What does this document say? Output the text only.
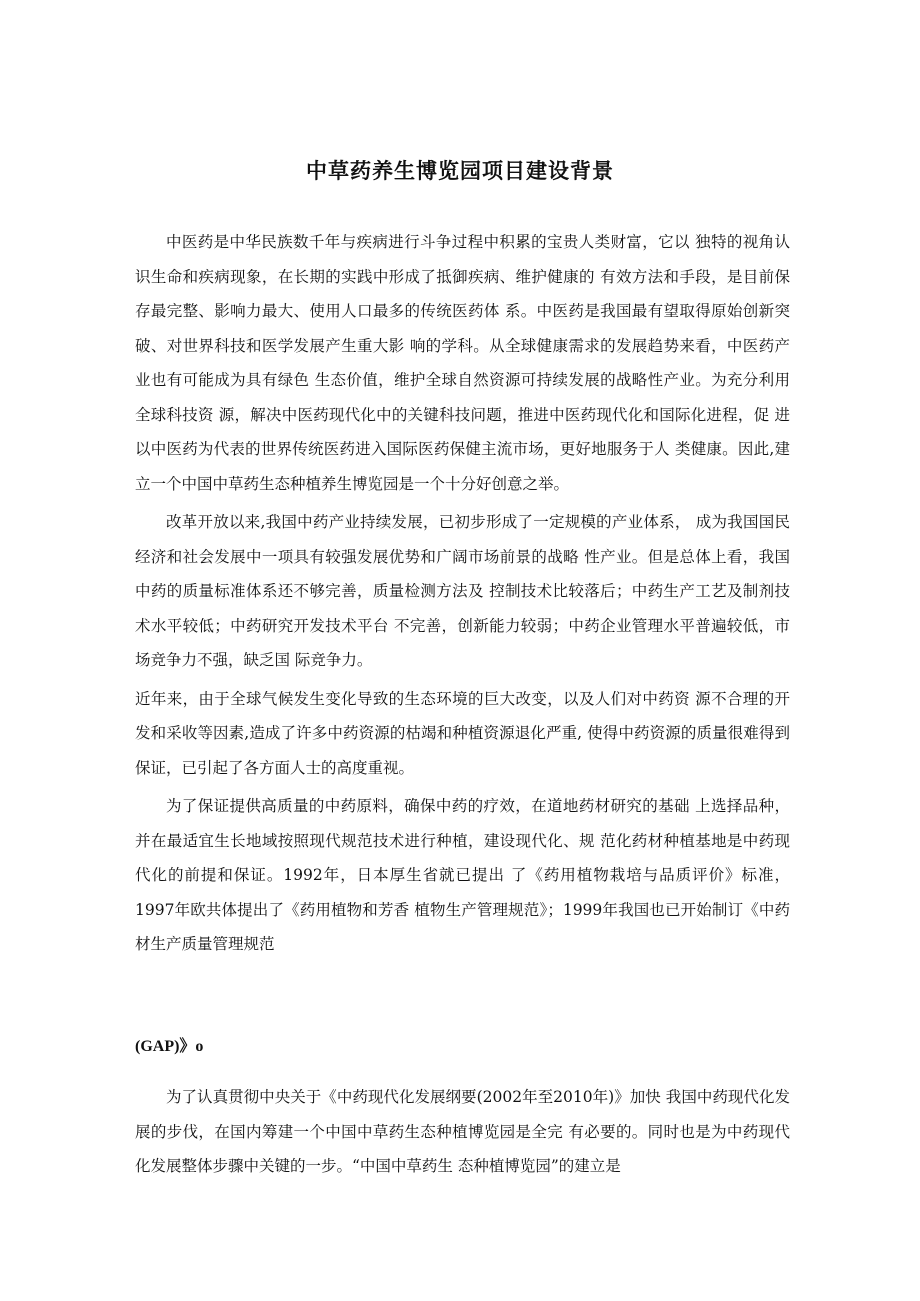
中草药养生博览园项目建设背景

中医药是中华民族数千年与疾病进行斗争过程中积累的宝贵人类财富，它以 独特的视角认识生命和疾病现象，在长期的实践中形成了抵御疾病、维护健康的 有效方法和手段，是目前保存最完整、影响力最大、使用人口最多的传统医药体 系。中医药是我国最有望取得原始创新突破、对世界科技和医学发展产生重大影 响的学科。从全球健康需求的发展趋势来看，中医药产业也有可能成为具有绿色 生态价值，维护全球自然资源可持续发展的战略性产业。为充分利用全球科技资 源，解决中医药现代化中的关键科技问题，推进中医药现代化和国际化进程，促 进以中医药为代表的世界传统医药进入国际医药保健主流市场，更好地服务于人 类健康。因此,建立一个中国中草药生态种植养生博览园是一个十分好创意之举。

改革开放以来,我国中药产业持续发展，已初步形成了一定规模的产业体系， 成为我国国民经济和社会发展中一项具有较强发展优势和广阔市场前景的战略 性产业。但是总体上看，我国中药的质量标准体系还不够完善，质量检测方法及 控制技术比较落后；中药生产工艺及制剂技术水平较低；中药研究开发技术平台 不完善，创新能力较弱；中药企业管理水平普遍较低，市场竞争力不强，缺乏国 际竞争力。

近年来，由于全球气候发生变化导致的生态环境的巨大改变，以及人们对中药资 源不合理的开发和采收等因素,造成了许多中药资源的枯竭和种植资源退化严重, 使得中药资源的质量很难得到保证，已引起了各方面人士的高度重视。

为了保证提供高质量的中药原料，确保中药的疗效，在道地药材研究的基础 上选择品种，并在最适宜生长地域按照现代规范技术进行种植，建设现代化、规 范化药材种植基地是中药现代化的前提和保证。1992年，日本厚生省就已提出 了《药用植物栽培与品质评价》标准，1997年欧共体提出了《药用植物和芳香 植物生产管理规范》；1999年我国也已开始制订《中药材生产质量管理规范

(GAP)》o

为了认真贯彻中央关于《中药现代化发展纲要(2002年至2010年)》加快 我国中药现代化发展的步伐，在国内筹建一个中国中草药生态种植博览园是全完 有必要的。同时也是为中药现代化发展整体步骤中关键的一步。“中国中草药生 态种植博览园”的建立是
